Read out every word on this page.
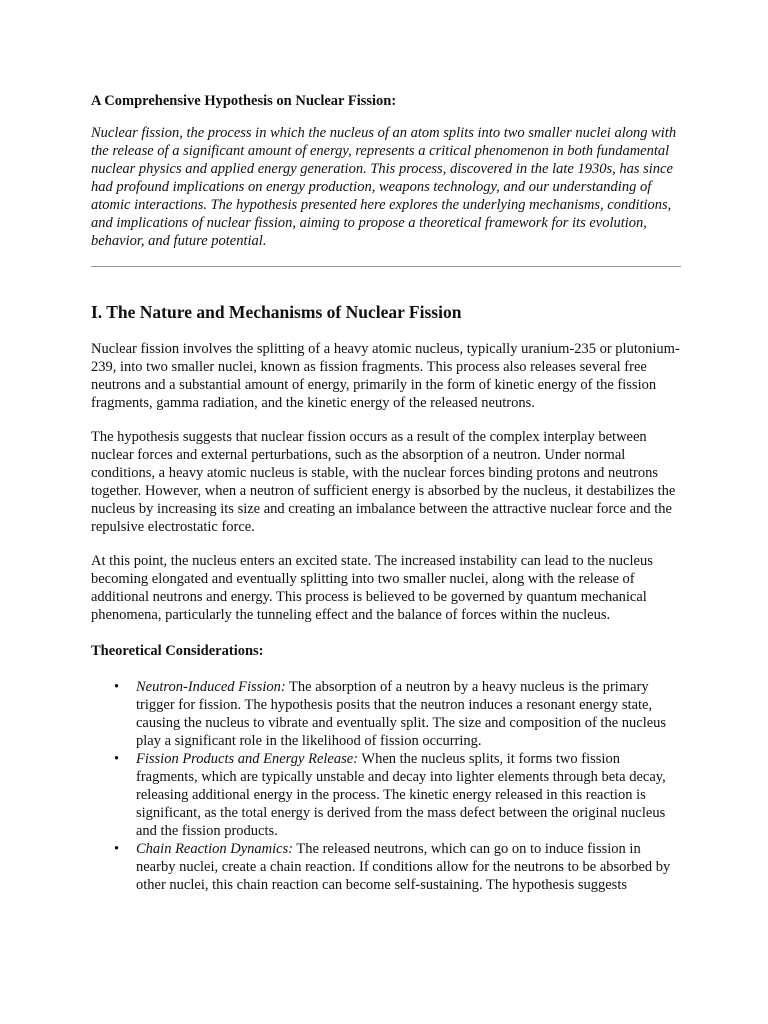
A Comprehensive Hypothesis on Nuclear Fission:

Nuclear fission, the process in which the nucleus of an atom splits into two smaller nuclei along with the release of a significant amount of energy, represents a critical phenomenon in both fundamental nuclear physics and applied energy generation. This process, discovered in the late 1930s, has since had profound implications on energy production, weapons technology, and our understanding of atomic interactions. The hypothesis presented here explores the underlying mechanisms, conditions, and implications of nuclear fission, aiming to propose a theoretical framework for its evolution, behavior, and future potential.

I. The Nature and Mechanisms of Nuclear Fission

Nuclear fission involves the splitting of a heavy atomic nucleus, typically uranium-235 or plutonium-239, into two smaller nuclei, known as fission fragments. This process also releases several free neutrons and a substantial amount of energy, primarily in the form of kinetic energy of the fission fragments, gamma radiation, and the kinetic energy of the released neutrons.

The hypothesis suggests that nuclear fission occurs as a result of the complex interplay between nuclear forces and external perturbations, such as the absorption of a neutron. Under normal conditions, a heavy atomic nucleus is stable, with the nuclear forces binding protons and neutrons together. However, when a neutron of sufficient energy is absorbed by the nucleus, it destabilizes the nucleus by increasing its size and creating an imbalance between the attractive nuclear force and the repulsive electrostatic force.

At this point, the nucleus enters an excited state. The increased instability can lead to the nucleus becoming elongated and eventually splitting into two smaller nuclei, along with the release of additional neutrons and energy. This process is believed to be governed by quantum mechanical phenomena, particularly the tunneling effect and the balance of forces within the nucleus.

Theoretical Considerations:

• Neutron-Induced Fission: The absorption of a neutron by a heavy nucleus is the primary trigger for fission. The hypothesis posits that the neutron induces a resonant energy state, causing the nucleus to vibrate and eventually split. The size and composition of the nucleus play a significant role in the likelihood of fission occurring.
• Fission Products and Energy Release: When the nucleus splits, it forms two fission fragments, which are typically unstable and decay into lighter elements through beta decay, releasing additional energy in the process. The kinetic energy released in this reaction is significant, as the total energy is derived from the mass defect between the original nucleus and the fission products.
• Chain Reaction Dynamics: The released neutrons, which can go on to induce fission in nearby nuclei, create a chain reaction. If conditions allow for the neutrons to be absorbed by other nuclei, this chain reaction can become self-sustaining. The hypothesis suggests
